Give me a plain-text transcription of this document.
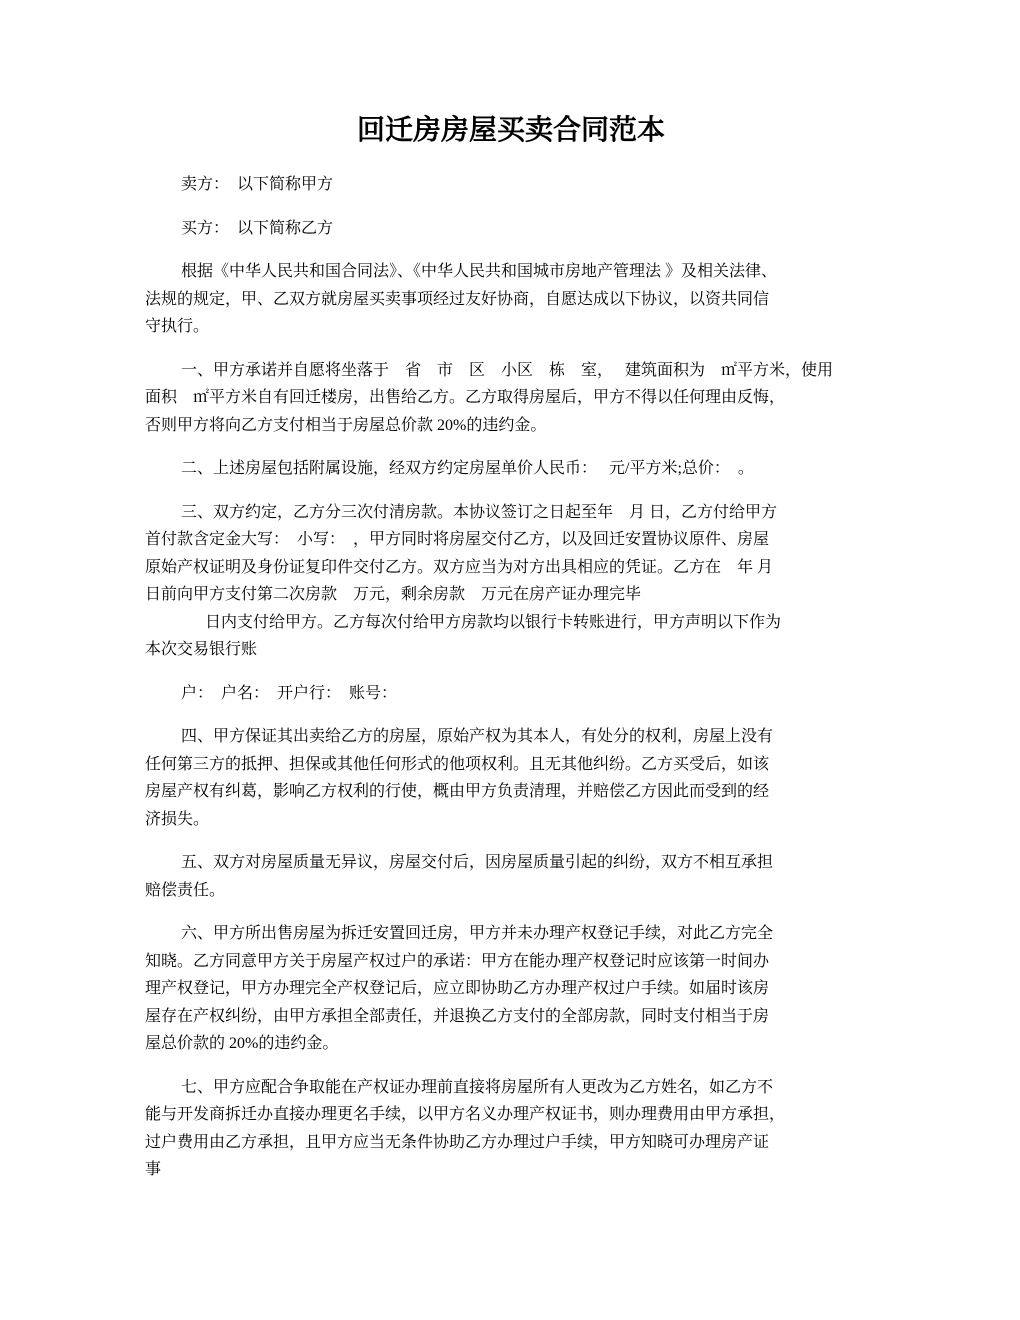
回迁房房屋买卖合同范本
卖方：　以下简称甲方
买方：　以下简称乙方
根据《中华人民共和国合同法》、《中华人民共和国城市房地产管理法 》及相关法律、
法规的规定，甲、乙双方就房屋买卖事项经过友好协商，自愿达成以下协议，以资共同信
守执行。
一、甲方承诺并自愿将坐落于　省　市　区　小区　栋　室，　 建筑面积为　㎡平方米，使用
面积　㎡平方米自有回迁楼房，出售给乙方。乙方取得房屋后，甲方不得以任何理由反悔，
否则甲方将向乙方支付相当于房屋总价款 20%的违约金。
二、上述房屋包括附属设施，经双方约定房屋单价人民币：　 元/平方米;总价：　。
三、双方约定，乙方分三次付清房款。本协议签订之日起至年　月 日，乙方付给甲方
首付款含定金大写：　小写：　，甲方同时将房屋交付乙方，以及回迁安置协议原件、房屋
原始产权证明及身份证复印件交付乙方。双方应当为对方出具相应的凭证。乙方在　年 月
日前向甲方支付第二次房款　万元，剩余房款　万元在房产证办理完毕
日内支付给甲方。乙方每次付给甲方房款均以银行卡转账进行，甲方声明以下作为
本次交易银行账
户：　户名：　开户行：　账号：
四、甲方保证其出卖给乙方的房屋，原始产权为其本人，有处分的权利，房屋上没有
任何第三方的抵押、担保或其他任何形式的他项权利。且无其他纠纷。乙方买受后，如该
房屋产权有纠葛，影响乙方权利的行使，概由甲方负责清理，并赔偿乙方因此而受到的经
济损失。
五、双方对房屋质量无异议，房屋交付后，因房屋质量引起的纠纷，双方不相互承担
赔偿责任。
六、甲方所出售房屋为拆迁安置回迁房，甲方并未办理产权登记手续，对此乙方完全
知晓。乙方同意甲方关于房屋产权过户的承诺：甲方在能办理产权登记时应该第一时间办
理产权登记，甲方办理完全产权登记后，应立即协助乙方办理产权过户手续。如届时该房
屋存在产权纠纷，由甲方承担全部责任，并退换乙方支付的全部房款，同时支付相当于房
屋总价款的 20%的违约金。
七、甲方应配合争取能在产权证办理前直接将房屋所有人更改为乙方姓名，如乙方不
能与开发商拆迁办直接办理更名手续，以甲方名义办理产权证书，则办理费用由甲方承担，
过户费用由乙方承担，且甲方应当无条件协助乙方办理过户手续，甲方知晓可办理房产证
事
